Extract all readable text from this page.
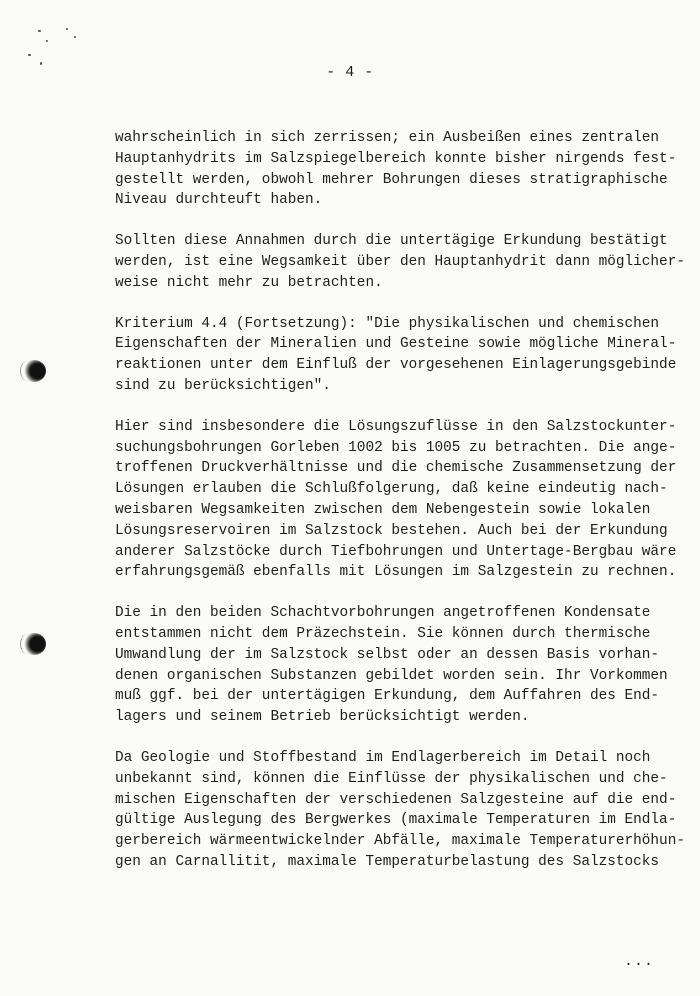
- 4 -
wahrscheinlich in sich zerrissen; ein Ausbeißen eines zentralen
Hauptanhydrits im Salzspiegelbereich konnte bisher nirgends fest-
gestellt werden, obwohl mehrer Bohrungen dieses stratigraphische
Niveau durchteuft haben.
Sollten diese Annahmen durch die untertägige Erkundung bestätigt
werden, ist eine Wegsamkeit über den Hauptanhydrit dann möglicher-
weise nicht mehr zu betrachten.
Kriterium 4.4 (Fortsetzung): "Die physikalischen und chemischen
Eigenschaften der Mineralien und Gesteine sowie mögliche Mineral-
reaktionen unter dem Einfluß der vorgesehenen Einlagerungsgebinde
sind zu berücksichtigen".
Hier sind insbesondere die Lösungszuflüsse in den Salzstockunter-
suchungsbohrungen Gorleben 1002 bis 1005 zu betrachten. Die ange-
troffenen Druckverhältnisse und die chemische Zusammensetzung der
Lösungen erlauben die Schlußfolgerung, daß keine eindeutig nach-
weisbaren Wegsamkeiten zwischen dem Nebengestein sowie lokalen
Lösungsreservoiren im Salzstock bestehen. Auch bei der Erkundung
anderer Salzstöcke durch Tiefbohrungen und Untertage-Bergbau wäre
erfahrungsgemäß ebenfalls mit Lösungen im Salzgestein zu rechnen.
Die in den beiden Schachtvorbohrungen angetroffenen Kondensate
entstammen nicht dem Präzechstein. Sie können durch thermische
Umwandlung der im Salzstock selbst oder an dessen Basis vorhan-
denen organischen Substanzen gebildet worden sein. Ihr Vorkommen
muß ggf. bei der untertägigen Erkundung, dem Auffahren des End-
lagers und seinem Betrieb berücksichtigt werden.
Da Geologie und Stoffbestand im Endlagerbereich im Detail noch
unbekannt sind, können die Einflüsse der physikalischen und che-
mischen Eigenschaften der verschiedenen Salzgesteine auf die end-
gültige Auslegung des Bergwerkes (maximale Temperaturen im Endla-
gerbereich wärmeentwickelnder Abfälle, maximale Temperaturerhöhun-
gen an Carnallitit, maximale Temperaturbelastung des Salzstocks
...
